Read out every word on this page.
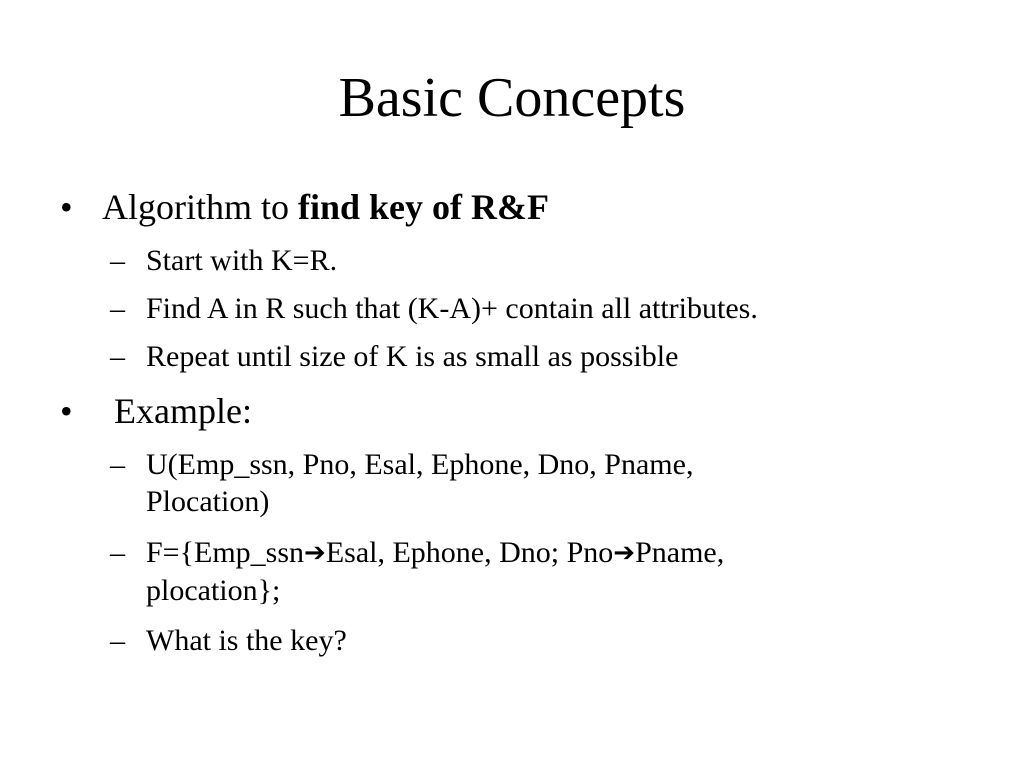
Basic Concepts
• Algorithm to find key of R&F
– Start with K=R.
– Find A in R such that (K-A)+ contain all attributes.
– Repeat until size of K is as small as possible
• Example:
– U(Emp_ssn, Pno, Esal, Ephone, Dno, Pname,
Plocation)
– F={Emp_ssn➔Esal, Ephone, Dno; Pno➔Pname,
plocation};
– What is the key?
